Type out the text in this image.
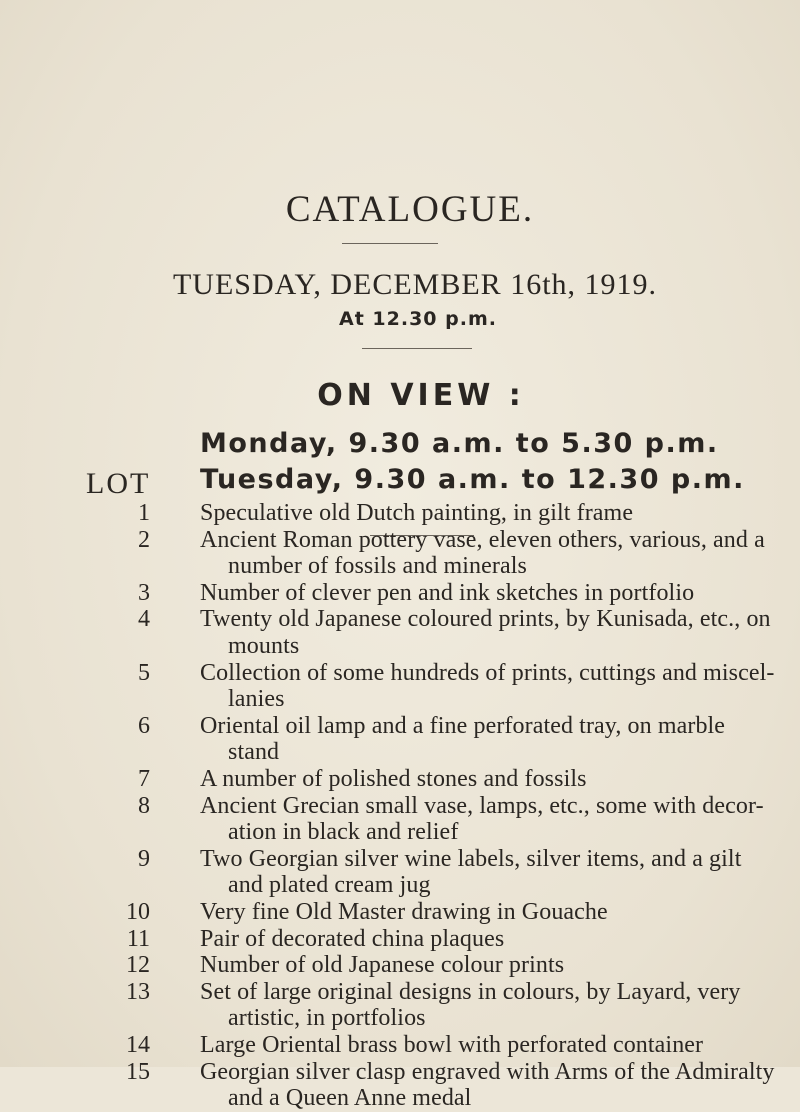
CATALOGUE.
TUESDAY, DECEMBER 16th, 1919.
At 12.30 p.m.
ON VIEW :
Monday, 9.30 a.m. to 5.30 p.m.
Tuesday, 9.30 a.m. to 12.30 p.m.
LOT
1 Speculative old Dutch painting, in gilt frame
2 Ancient Roman pottery vase, eleven others, various, and a
number of fossils and minerals
3 Number of clever pen and ink sketches in portfolio
4 Twenty old Japanese coloured prints, by Kunisada, etc., on
mounts
5 Collection of some hundreds of prints, cuttings and miscel-
lanies
6 Oriental oil lamp and a fine perforated tray, on marble
stand
7 A number of polished stones and fossils
8 Ancient Grecian small vase, lamps, etc., some with decor-
ation in black and relief
9 Two Georgian silver wine labels, silver items, and a gilt
and plated cream jug
10 Very fine Old Master drawing in Gouache
11 Pair of decorated china plaques
12 Number of old Japanese colour prints
13 Set of large original designs in colours, by Layard, very
artistic, in portfolios
14 Large Oriental brass bowl with perforated container
15 Georgian silver clasp engraved with Arms of the Admiralty
and a Queen Anne medal
